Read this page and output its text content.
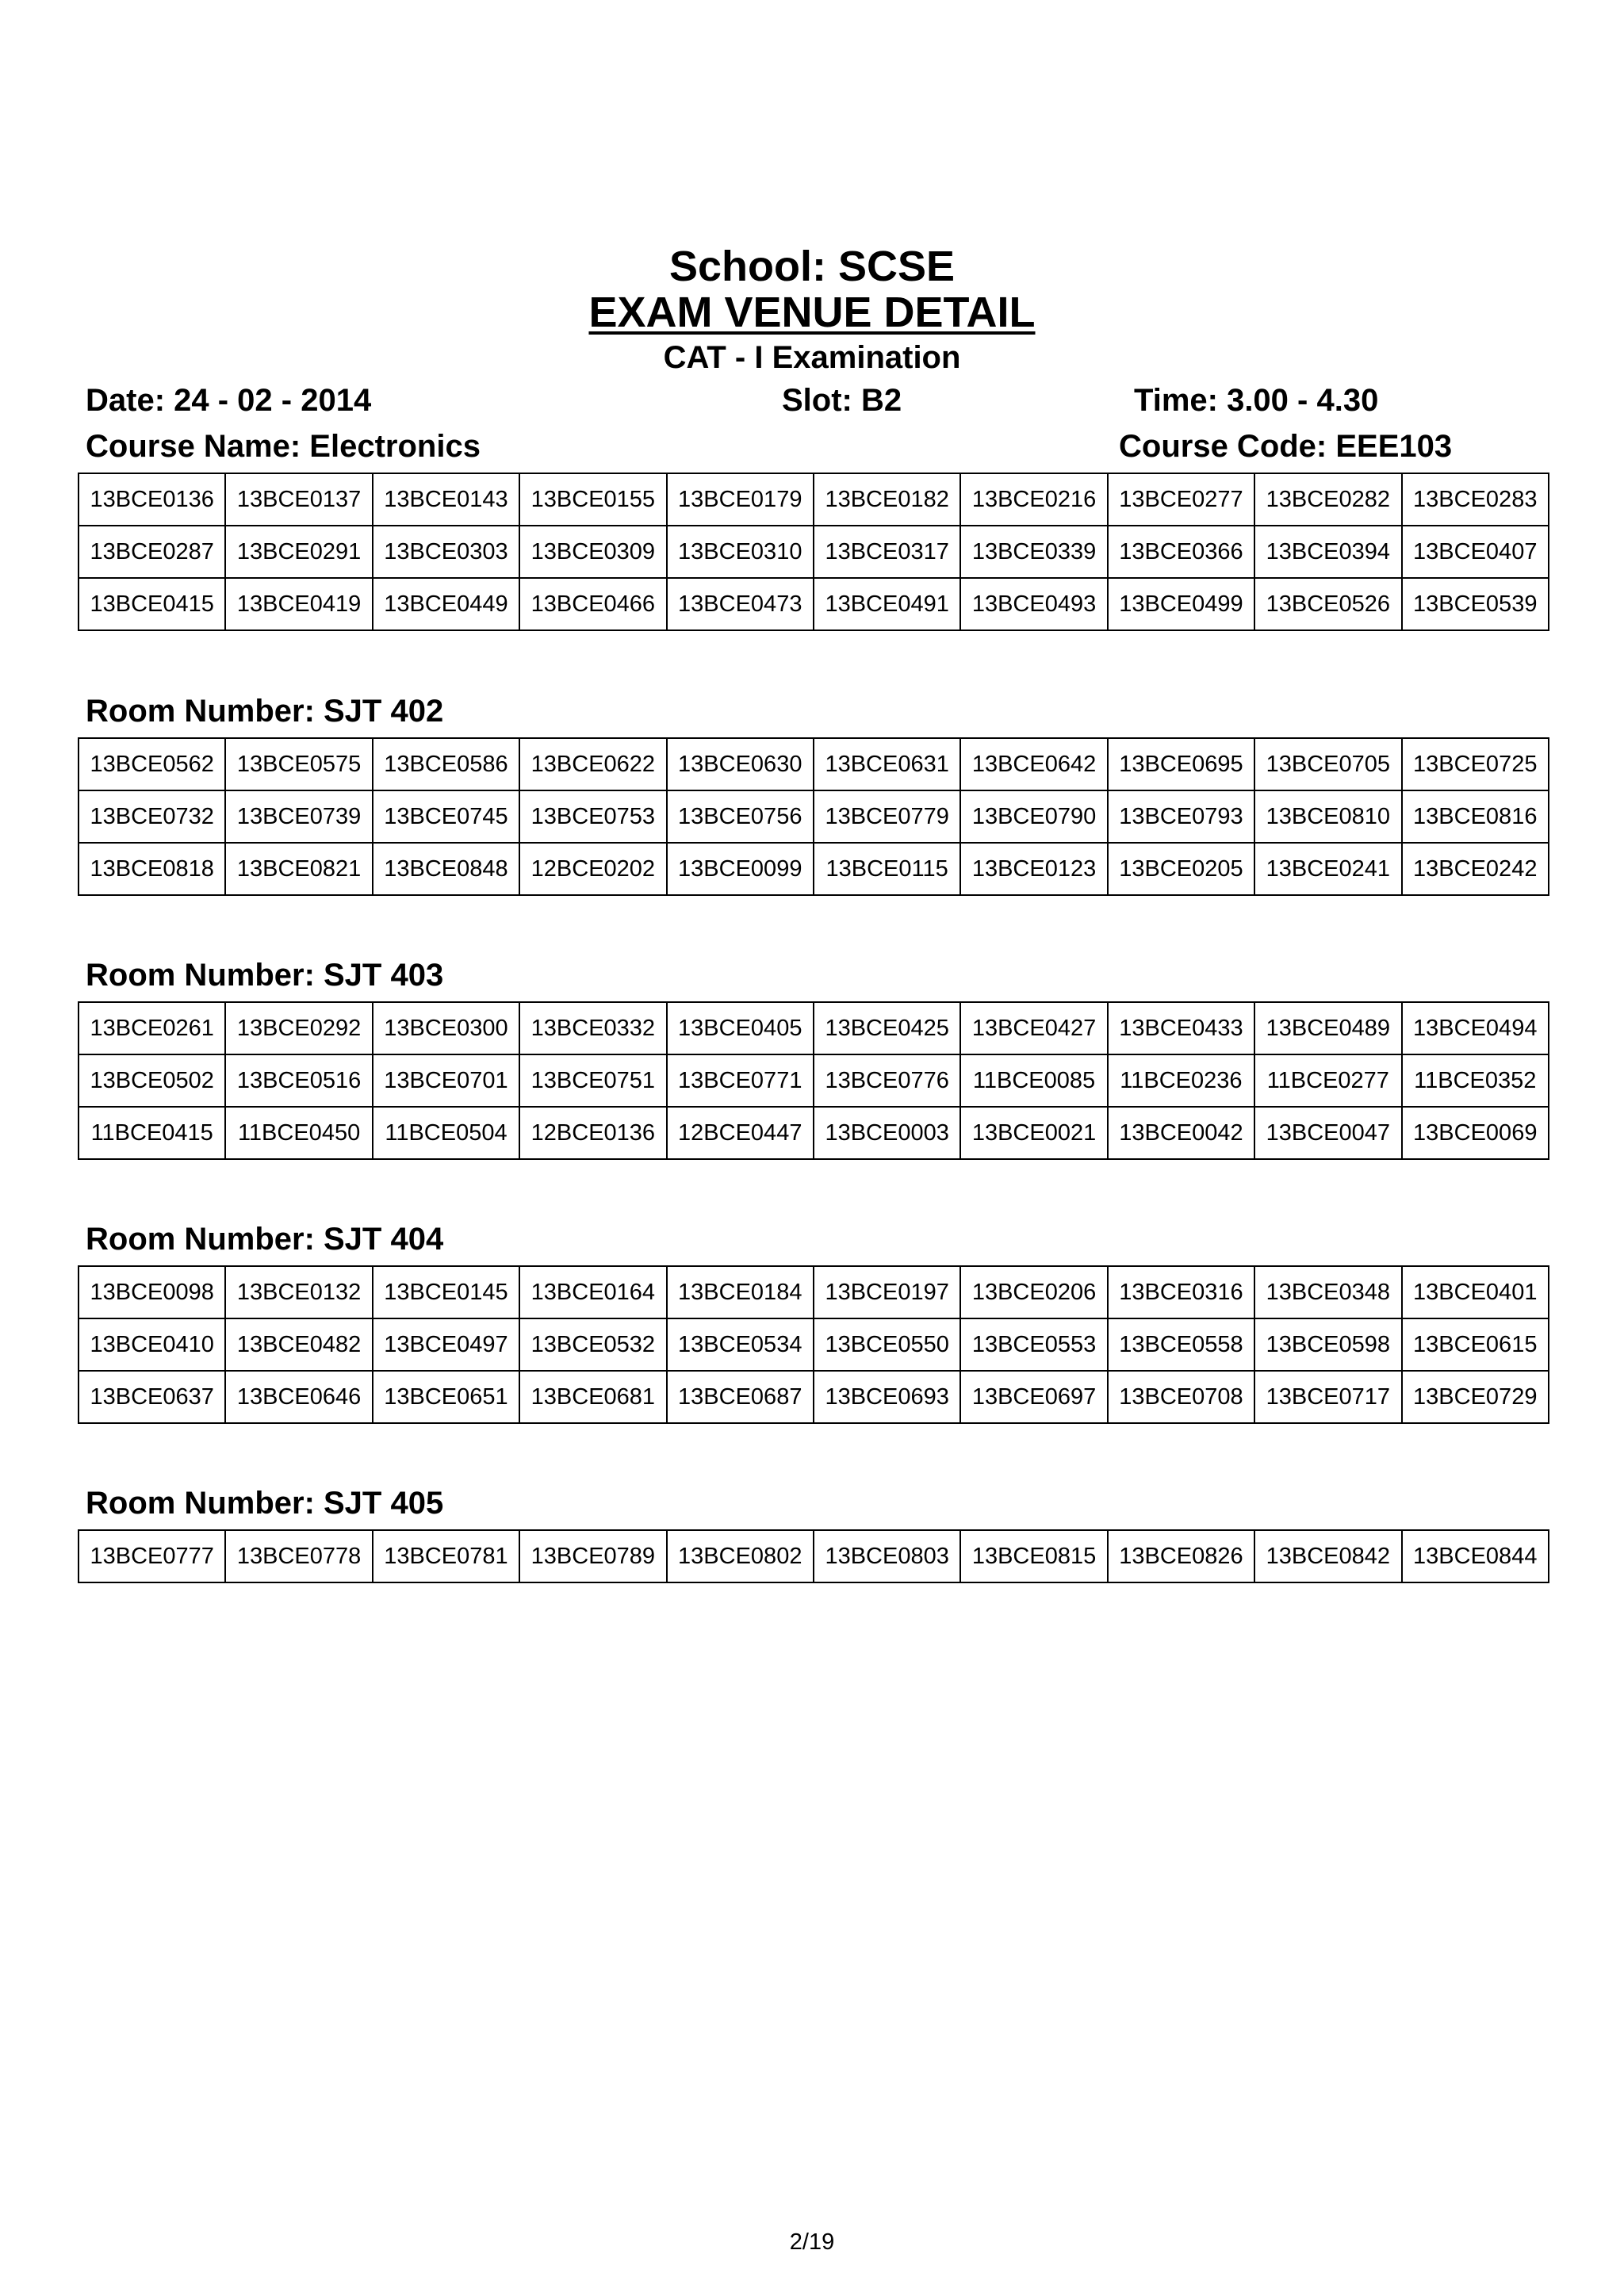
School: SCSE
EXAM VENUE DETAIL
CAT - I Examination
Date: 24 - 02 - 2014	Slot: B2	Time: 3.00 - 4.30
Course Name: Electronics	Course Code: EEE103
13BCE0136	13BCE0137	13BCE0143	13BCE0155	13BCE0179	13BCE0182	13BCE0216	13BCE0277	13BCE0282	13BCE0283
13BCE0287	13BCE0291	13BCE0303	13BCE0309	13BCE0310	13BCE0317	13BCE0339	13BCE0366	13BCE0394	13BCE0407
13BCE0415	13BCE0419	13BCE0449	13BCE0466	13BCE0473	13BCE0491	13BCE0493	13BCE0499	13BCE0526	13BCE0539
Room Number: SJT 402
13BCE0562	13BCE0575	13BCE0586	13BCE0622	13BCE0630	13BCE0631	13BCE0642	13BCE0695	13BCE0705	13BCE0725
13BCE0732	13BCE0739	13BCE0745	13BCE0753	13BCE0756	13BCE0779	13BCE0790	13BCE0793	13BCE0810	13BCE0816
13BCE0818	13BCE0821	13BCE0848	12BCE0202	13BCE0099	13BCE0115	13BCE0123	13BCE0205	13BCE0241	13BCE0242
Room Number: SJT 403
13BCE0261	13BCE0292	13BCE0300	13BCE0332	13BCE0405	13BCE0425	13BCE0427	13BCE0433	13BCE0489	13BCE0494
13BCE0502	13BCE0516	13BCE0701	13BCE0751	13BCE0771	13BCE0776	11BCE0085	11BCE0236	11BCE0277	11BCE0352
11BCE0415	11BCE0450	11BCE0504	12BCE0136	12BCE0447	13BCE0003	13BCE0021	13BCE0042	13BCE0047	13BCE0069
Room Number: SJT 404
13BCE0098	13BCE0132	13BCE0145	13BCE0164	13BCE0184	13BCE0197	13BCE0206	13BCE0316	13BCE0348	13BCE0401
13BCE0410	13BCE0482	13BCE0497	13BCE0532	13BCE0534	13BCE0550	13BCE0553	13BCE0558	13BCE0598	13BCE0615
13BCE0637	13BCE0646	13BCE0651	13BCE0681	13BCE0687	13BCE0693	13BCE0697	13BCE0708	13BCE0717	13BCE0729
Room Number: SJT 405
13BCE0777	13BCE0778	13BCE0781	13BCE0789	13BCE0802	13BCE0803	13BCE0815	13BCE0826	13BCE0842	13BCE0844
2/19
